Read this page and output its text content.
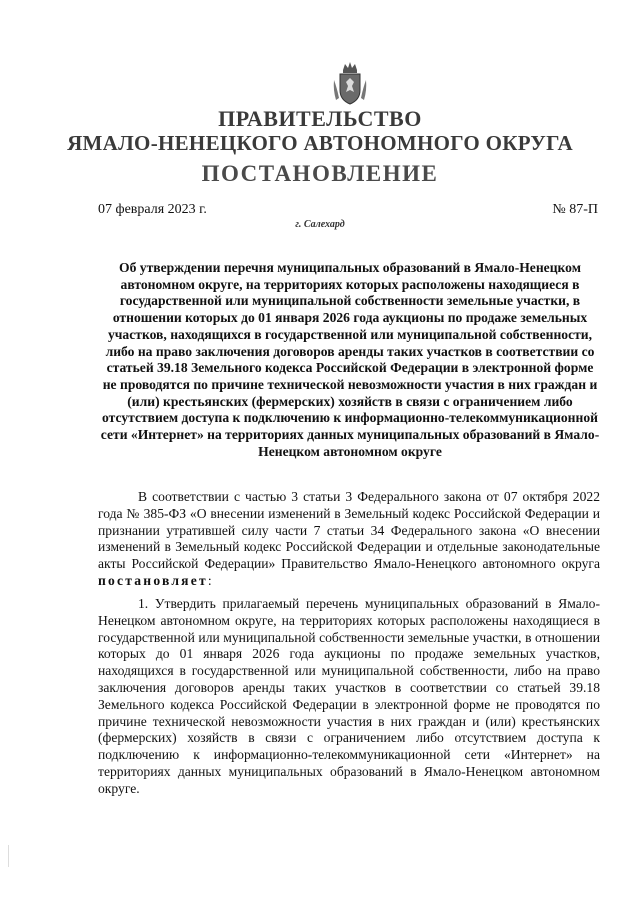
ПРАВИТЕЛЬСТВО
ЯМАЛО-НЕНЕЦКОГО АВТОНОМНОГО ОКРУГА
ПОСТАНОВЛЕНИЕ
07 февраля 2023 г.	№ 87-П
г. Салехард
Об утверждении перечня муниципальных образований в Ямало-Ненецком автономном округе, на территориях которых расположены находящиеся в государственной или муниципальной собственности земельные участки, в отношении которых до 01 января 2026 года аукционы по продаже земельных участков, находящихся в государственной или муниципальной собственности, либо на право заключения договоров аренды таких участков в соответствии со статьей 39.18 Земельного кодекса Российской Федерации в электронной форме не проводятся по причине технической невозможности участия в них граждан и (или) крестьянских (фермерских) хозяйств в связи с ограничением либо отсутствием доступа к подключению к информационно-телекоммуникационной сети «Интернет» на территориях данных муниципальных образований в Ямало-Ненецком автономном округе
В соответствии с частью 3 статьи 3 Федерального закона от 07 октября 2022 года № 385-ФЗ «О внесении изменений в Земельный кодекс Российской Федерации и признании утратившей силу части 7 статьи 34 Федерального закона «О внесении изменений в Земельный кодекс Российской Федерации и отдельные законодательные акты Российской Федерации» Правительство Ямало-Ненецкого автономного округа постановляет:
1. Утвердить прилагаемый перечень муниципальных образований в Ямало-Ненецком автономном округе, на территориях которых расположены находящиеся в государственной или муниципальной собственности земельные участки, в отношении которых до 01 января 2026 года аукционы по продаже земельных участков, находящихся в государственной или муниципальной собственности, либо на право заключения договоров аренды таких участков в соответствии со статьей 39.18 Земельного кодекса Российской Федерации в электронной форме не проводятся по причине технической невозможности участия в них граждан и (или) крестьянских (фермерских) хозяйств в связи с ограничением либо отсутствием доступа к подключению к информационно-телекоммуникационной сети «Интернет» на территориях данных муниципальных образований в Ямало-Ненецком автономном округе.
